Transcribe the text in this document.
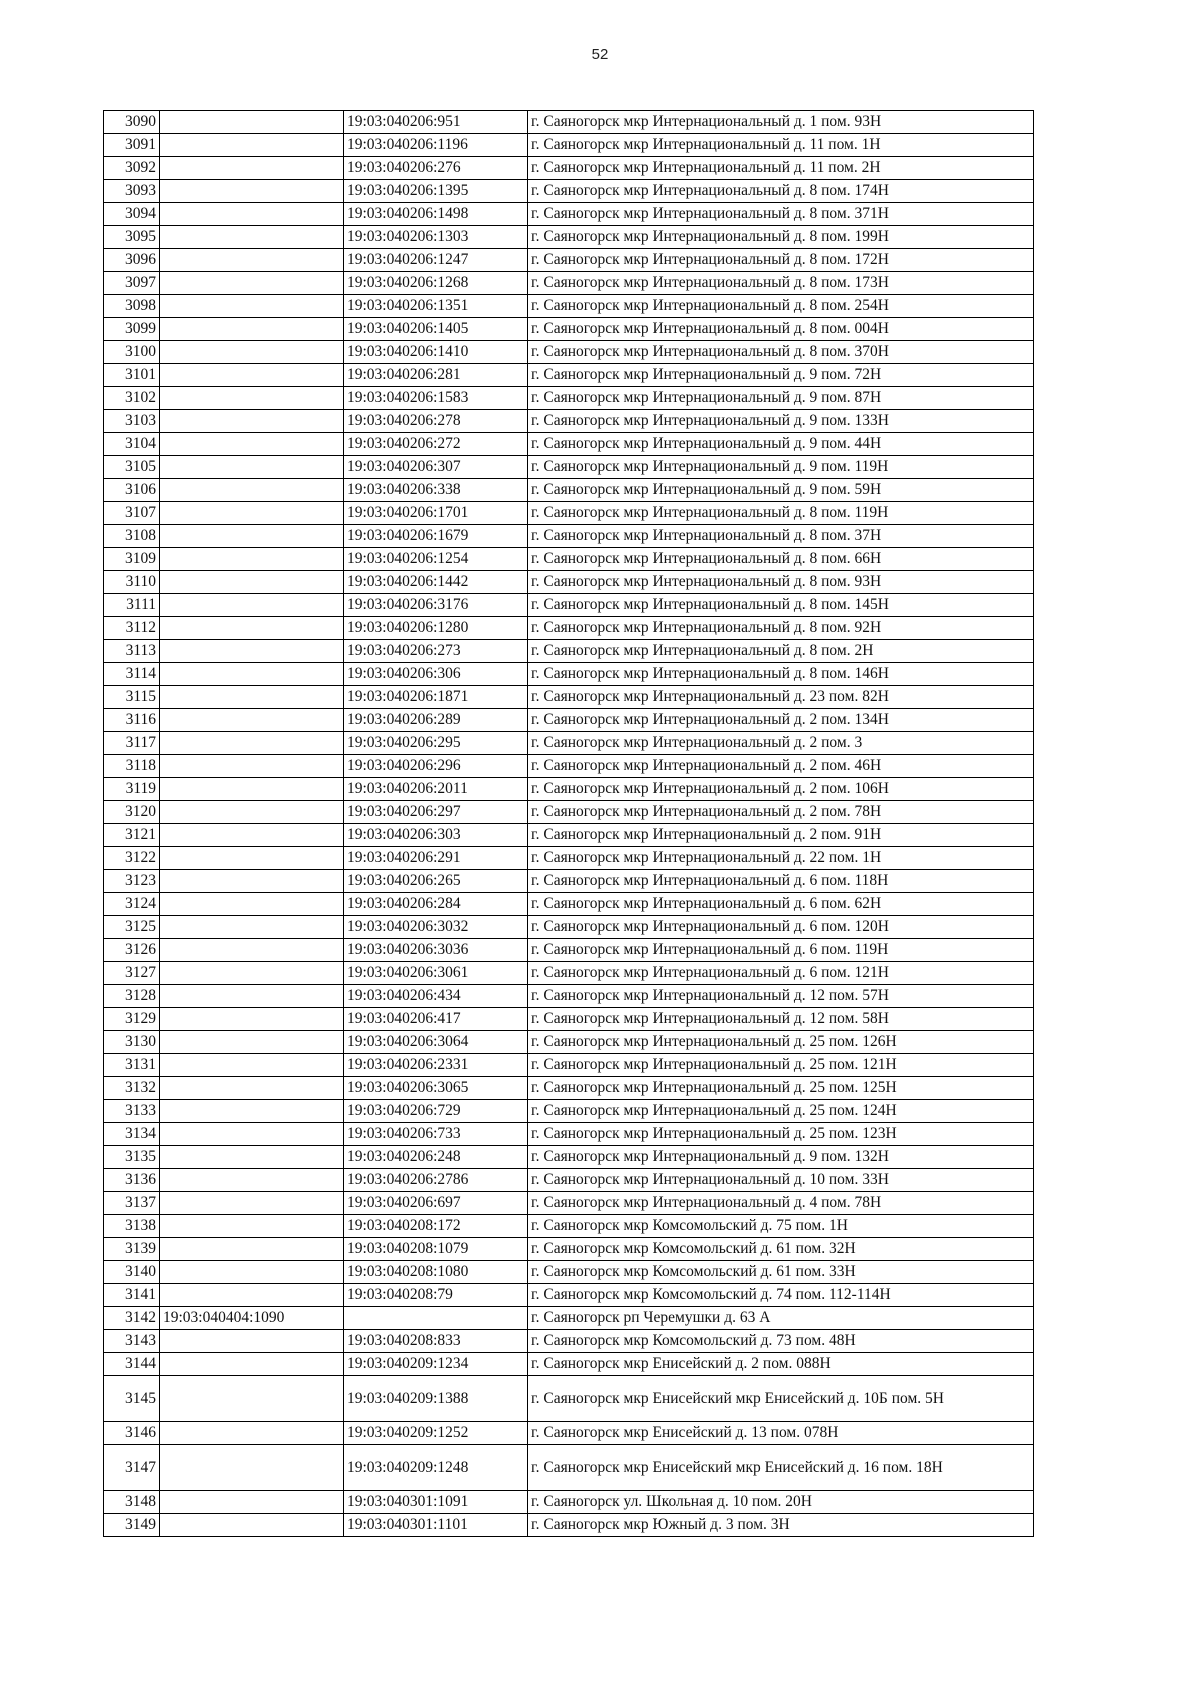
52
3090		19:03:040206:951	г. Саяногорск мкр Интернациональный д. 1 пом. 93Н
3091		19:03:040206:1196	г. Саяногорск мкр Интернациональный д. 11 пом. 1Н
3092		19:03:040206:276	г. Саяногорск мкр Интернациональный д. 11 пом. 2Н
3093		19:03:040206:1395	г. Саяногорск мкр Интернациональный д. 8 пом. 174Н
3094		19:03:040206:1498	г. Саяногорск мкр Интернациональный д. 8 пом. 371Н
3095		19:03:040206:1303	г. Саяногорск мкр Интернациональный д. 8 пом. 199Н
3096		19:03:040206:1247	г. Саяногорск мкр Интернациональный д. 8 пом. 172Н
3097		19:03:040206:1268	г. Саяногорск мкр Интернациональный д. 8 пом. 173Н
3098		19:03:040206:1351	г. Саяногорск мкр Интернациональный д. 8 пом. 254Н
3099		19:03:040206:1405	г. Саяногорск мкр Интернациональный д. 8 пом. 004Н
3100		19:03:040206:1410	г. Саяногорск мкр Интернациональный д. 8 пом. 370Н
3101		19:03:040206:281	г. Саяногорск мкр Интернациональный д. 9 пом. 72Н
3102		19:03:040206:1583	г. Саяногорск мкр Интернациональный д. 9 пом. 87Н
3103		19:03:040206:278	г. Саяногорск мкр Интернациональный д. 9 пом. 133Н
3104		19:03:040206:272	г. Саяногорск мкр Интернациональный д. 9 пом. 44Н
3105		19:03:040206:307	г. Саяногорск мкр Интернациональный д. 9 пом. 119Н
3106		19:03:040206:338	г. Саяногорск мкр Интернациональный д. 9 пом. 59Н
3107		19:03:040206:1701	г. Саяногорск мкр Интернациональный д. 8 пом. 119Н
3108		19:03:040206:1679	г. Саяногорск мкр Интернациональный д. 8 пом. 37Н
3109		19:03:040206:1254	г. Саяногорск мкр Интернациональный д. 8 пом. 66Н
3110		19:03:040206:1442	г. Саяногорск мкр Интернациональный д. 8 пом. 93Н
3111		19:03:040206:3176	г. Саяногорск мкр Интернациональный д. 8 пом. 145Н
3112		19:03:040206:1280	г. Саяногорск мкр Интернациональный д. 8 пом. 92Н
3113		19:03:040206:273	г. Саяногорск мкр Интернациональный д. 8 пом. 2Н
3114		19:03:040206:306	г. Саяногорск мкр Интернациональный д. 8 пом. 146Н
3115		19:03:040206:1871	г. Саяногорск мкр Интернациональный д. 23 пом. 82Н
3116		19:03:040206:289	г. Саяногорск мкр Интернациональный д. 2 пом. 134Н
3117		19:03:040206:295	г. Саяногорск мкр Интернациональный д. 2 пом. 3
3118		19:03:040206:296	г. Саяногорск мкр Интернациональный д. 2 пом. 46Н
3119		19:03:040206:2011	г. Саяногорск мкр Интернациональный д. 2 пом. 106Н
3120		19:03:040206:297	г. Саяногорск мкр Интернациональный д. 2 пом. 78Н
3121		19:03:040206:303	г. Саяногорск мкр Интернациональный д. 2 пом. 91Н
3122		19:03:040206:291	г. Саяногорск мкр Интернациональный д. 22 пом. 1Н
3123		19:03:040206:265	г. Саяногорск мкр Интернациональный д. 6 пом. 118Н
3124		19:03:040206:284	г. Саяногорск мкр Интернациональный д. 6 пом. 62Н
3125		19:03:040206:3032	г. Саяногорск мкр Интернациональный д. 6 пом. 120Н
3126		19:03:040206:3036	г. Саяногорск мкр Интернациональный д. 6 пом. 119Н
3127		19:03:040206:3061	г. Саяногорск мкр Интернациональный д. 6 пом. 121Н
3128		19:03:040206:434	г. Саяногорск мкр Интернациональный д. 12 пом. 57Н
3129		19:03:040206:417	г. Саяногорск мкр Интернациональный д. 12 пом. 58Н
3130		19:03:040206:3064	г. Саяногорск мкр Интернациональный д. 25 пом. 126Н
3131		19:03:040206:2331	г. Саяногорск мкр Интернациональный д. 25 пом. 121Н
3132		19:03:040206:3065	г. Саяногорск мкр Интернациональный д. 25 пом. 125Н
3133		19:03:040206:729	г. Саяногорск мкр Интернациональный д. 25 пом. 124Н
3134		19:03:040206:733	г. Саяногорск мкр Интернациональный д. 25 пом. 123Н
3135		19:03:040206:248	г. Саяногорск мкр Интернациональный д. 9 пом. 132Н
3136		19:03:040206:2786	г. Саяногорск мкр Интернациональный д. 10 пом. 33Н
3137		19:03:040206:697	г. Саяногорск мкр Интернациональный д. 4 пом. 78Н
3138		19:03:040208:172	г. Саяногорск мкр Комсомольский д. 75 пом. 1Н
3139		19:03:040208:1079	г. Саяногорск мкр Комсомольский д. 61 пом. 32Н
3140		19:03:040208:1080	г. Саяногорск мкр Комсомольский д. 61 пом. 33Н
3141		19:03:040208:79	г. Саяногорск мкр Комсомольский д. 74 пом. 112-114Н
3142	19:03:040404:1090		г. Саяногорск рп Черемушки д. 63 А
3143		19:03:040208:833	г. Саяногорск мкр Комсомольский д. 73 пом. 48Н
3144		19:03:040209:1234	г. Саяногорск мкр Енисейский д. 2 пом. 088Н
3145		19:03:040209:1388	г. Саяногорск мкр Енисейский мкр Енисейский д. 10Б пом. 5Н
3146		19:03:040209:1252	г. Саяногорск мкр Енисейский д. 13 пом. 078Н
3147		19:03:040209:1248	г. Саяногорск мкр Енисейский мкр Енисейский д. 16 пом. 18Н
3148		19:03:040301:1091	г. Саяногорск ул. Школьная д. 10 пом. 20Н
3149		19:03:040301:1101	г. Саяногорск мкр Южный д. 3 пом. 3Н
